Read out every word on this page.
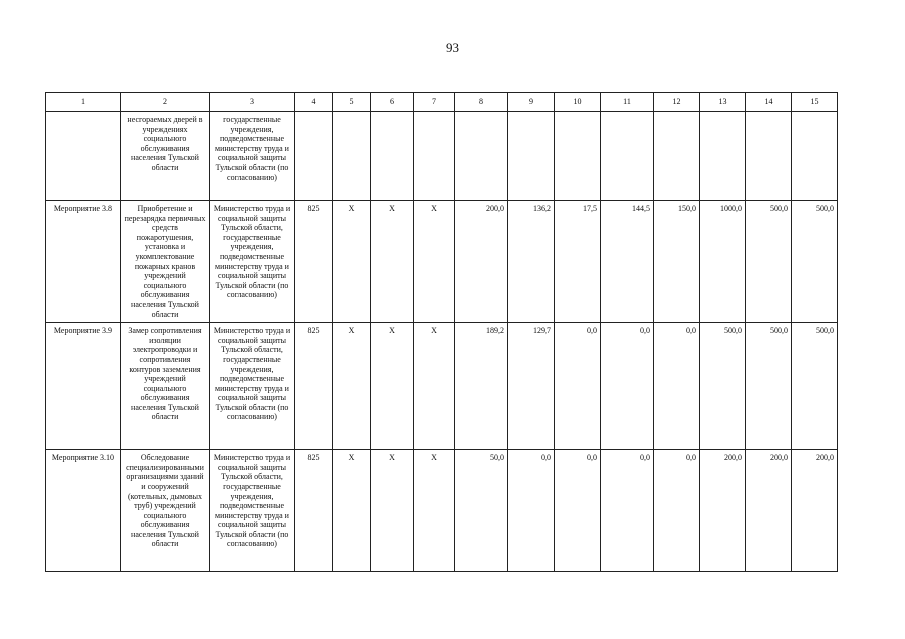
93
1	2	3	4	5	6	7	8	9	10	11	12	13	14	15
	несгораемых дверей в учреждениях социального обслуживания населения Тульской области	государственные учреждения, подведомственные министерству труда и социальной защиты Тульской области (по согласованию)												
Мероприятие 3.8	Приобретение и перезарядка первичных средств пожаротушения, установка и укомплектование пожарных кранов учреждений социального обслуживания населения Тульской области	Министерство труда и социальной защиты Тульской области, государственные учреждения, подведомственные министерству труда и социальной защиты Тульской области (по согласованию)	825	X	X	X	200,0	136,2	17,5	144,5	150,0	1000,0	500,0	500,0
Мероприятие 3.9	Замер сопротивления изоляции электропроводки и сопротивления контуров заземления учреждений социального обслуживания населения Тульской области	Министерство труда и социальной защиты Тульской области, государственные учреждения, подведомственные министерству труда и социальной защиты Тульской области (по согласованию)	825	X	X	X	189,2	129,7	0,0	0,0	0,0	500,0	500,0	500,0
Мероприятие 3.10	Обследование специализированными организациями зданий и сооружений (котельных, дымовых труб) учреждений социального обслуживания населения Тульской области	Министерство труда и социальной защиты Тульской области, государственные учреждения, подведомственные министерству труда и социальной защиты Тульской области (по согласованию)	825	X	X	X	50,0	0,0	0,0	0,0	0,0	200,0	200,0	200,0
